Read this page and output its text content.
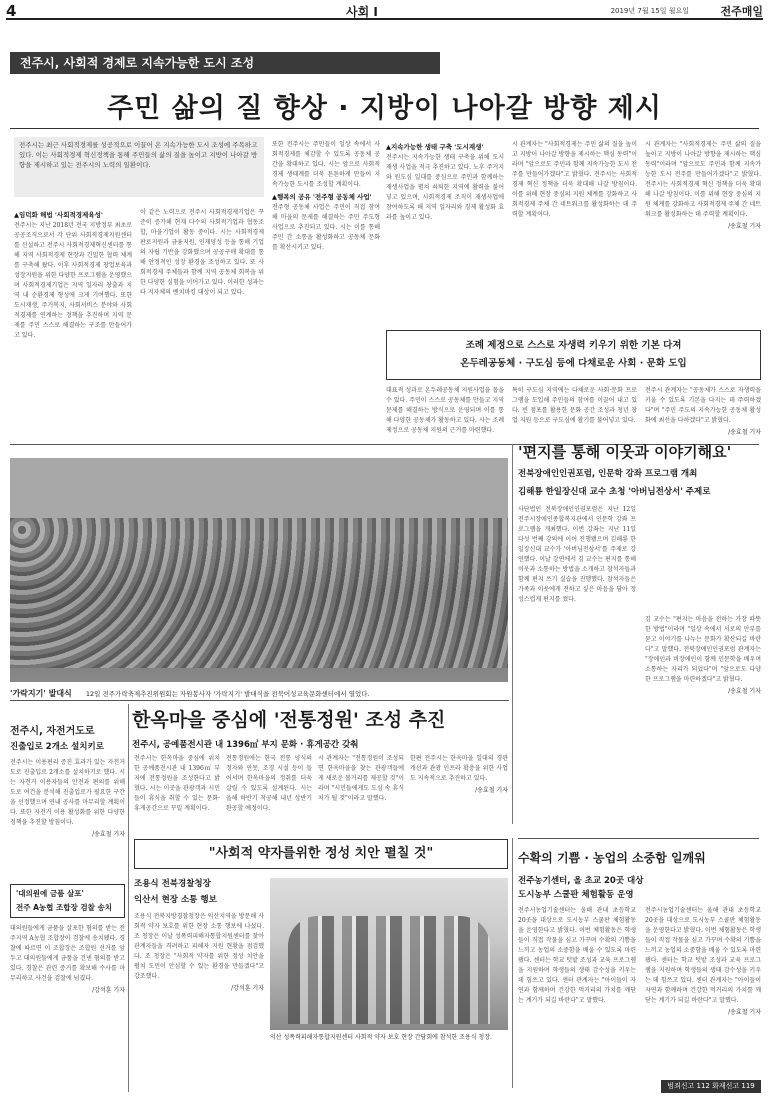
4	사회 Ⅰ	2019년 7월 15일 월요일	전주매일
전주시, 사회적 경제로 지속가능한 도시 조성
주민 삶의 질 향상 · 지방이 나아갈 방향 제시
전주시는 최근 사회적경제를 성공적으로 이끌어 온 지속가능한 도시 조성에 주목하고 있다. 이는 사회적경제 혁신정책을 통해 주민들의 삶의 질을 높이고 지방이 나아갈 방향을 제시하고 있는 전주시의 노력의 일환이다.
▲임덕화 해법 '사회적경제육성'
전주시는 지난 2018년 전국 지방정부 최초로 공공조직으로서 각 단위 사회적경제지원센터를 신설하고 전주시 사회적경제혁신센터를 통해 지역 사회적경제 현장과 긴밀한 협력 체계를 구축해 왔다. 이후 사회적경제 창업보육과 성장지원을 위한 다양한 프로그램을 운영했으며 사회적경제기업은 지역 일자리 창출과 지역 내 순환경제 형성에 크게 기여했다. 또한 도시재생, 주거복지, 사회서비스 분야와 사회적경제를 연계하는 정책을 추진하며 지역 문제를 주민 스스로 해결하는 구조를 만들어가고 있다.
이 같은 노력으로 전주시 사회적경제기업은 꾸준히 증가해 현재 다수의 사회적기업과 협동조합, 마을기업이 활동 중이다. 시는 사회적경제 판로지원과 금융지원, 인재양성 등을 통해 기업의 자립 기반을 강화했으며 공공구매 확대를 통해 안정적인 성장 환경을 조성하고 있다. 또 사회적경제 주체들과 함께 지역 공동체 회복을 위한 다양한 실험을 이어가고 있다. 이러한 성과는 타 지자체의 벤치마킹 대상이 되고 있다.
또한 전주시는 주민들이 일상 속에서 사회적경제를 체감할 수 있도록 공동체 공간을 확대하고 있다. 시는 앞으로 사회적경제 생태계를 더욱 튼튼하게 만들어 지속가능한 도시를 조성할 계획이다.
▲행복의 공유 '전주형 공동체 사업'
전주형 공동체 사업은 주민이 직접 참여해 마을의 문제를 해결하는 주민 주도형 사업으로 추진되고 있다. 시는 이를 통해 주민 간 소통을 활성화하고 공동체 문화를 확산시키고 있다.
▲지속가능한 생태 구축 '도시재생'
전주시는 지속가능한 생태 구축을 위해 도시재생 사업을 적극 추진하고 있다. 노후 주거지와 원도심 일대를 중심으로 주민과 함께하는 재생사업을 펼쳐 쇠퇴한 지역에 활력을 불어넣고 있으며, 사회적경제 조직이 재생사업에 참여하도록 해 지역 일자리와 경제 활성화 효과를 높이고 있다.
시 관계자는 "사회적경제는 주민 삶의 질을 높이고 지방이 나아갈 방향을 제시하는 핵심 동력"이라며 "앞으로도 주민과 함께 지속가능한 도시 전주를 만들어가겠다"고 밝혔다. 전주시는 사회적경제 혁신 정책을 더욱 확대해 나갈 방침이다. 이를 위해 현장 중심의 지원 체계를 강화하고 사회적경제 주체 간 네트워크를 활성화하는 데 주력할 계획이다.
시 관계자는 "사회적경제는 주민 삶의 질을 높이고 지방이 나아갈 방향을 제시하는 핵심 동력"이라며 "앞으로도 주민과 함께 지속가능한 도시 전주를 만들어가겠다"고 밝혔다. 전주시는 사회적경제 혁신 정책을 더욱 확대해 나갈 방침이다. 이를 위해 현장 중심의 지원 체계를 강화하고 사회적경제 주체 간 네트워크를 활성화하는 데 주력할 계획이다.
/송효철 기자
조례 제정으로 스스로 자생력 키우기 위한 기본 다져
온두레공동체 · 구도심 등에 다채로운 사회 · 문화 도입
대표적 성과로 온두레공동체 지원사업을 꼽을 수 있다. 주민이 스스로 공동체를 만들고 지역 문제를 해결하는 방식으로 운영되며 이를 통해 다양한 공동체가 활동하고 있다. 시는 조례 제정으로 공동체 지원의 근거를 마련했다.
특히 구도심 지역에는 다채로운 사회·문화 프로그램을 도입해 주민들의 참여를 이끌어 내고 있다. 빈 점포를 활용한 문화 공간 조성과 청년 창업 지원 등으로 구도심에 활기를 불어넣고 있다.
전주시 관계자는 "공동체가 스스로 자생력을 키울 수 있도록 기본을 다지는 데 주력하겠다"며 "주민 주도의 지속가능한 공동체 활성화에 최선을 다하겠다"고 밝혔다.
/송효철 기자
'가락지기' 발대식 12일 전주가락축제추진위원회는 자원봉사자 '가락지기' 발대식을 전북어성교육문화센터에서 열었다.
'편지를 통해 이웃과 이야기해요'
전북장애인인권포럼, 인문학 강좌 프로그램 개최
김해룡 한일장신대 교수 초청 '아버님전상서' 주제로
사단법인 전북장애인인권포럼은 지난 12일 전주시장애인종합복지관에서 인문학 강좌 프로그램을 개최했다. 이번 강좌는 지난 11일 다섯 번째 강의에 이어 진행됐으며 김해룡 한일장신대 교수가 '아버님전상서'를 주제로 강연했다. 이날 강연에서 김 교수는 편지를 통해 이웃과 소통하는 방법을 소개하고 참석자들과 함께 편지 쓰기 실습을 진행했다. 참석자들은 가족과 이웃에게 전하고 싶은 마음을 담아 정성스럽게 편지를 썼다.
김 교수는 "편지는 마음을 전하는 가장 따뜻한 방법"이라며 "일상 속에서 서로의 안부를 묻고 이야기를 나누는 문화가 확산되길 바란다"고 말했다. 전북장애인인권포럼 관계자는 "장애인과 비장애인이 함께 인문학을 배우며 소통하는 자리가 되었다"며 "앞으로도 다양한 프로그램을 마련하겠다"고 밝혔다.
/송효철 기자
전주시, 자전거도로
진출입로 2개소 설치키로
전주시는 이용편리 증진 효과가 있는 자전거도로 진출입로 2개소를 설치하기로 했다. 시는 자전거 이용자들의 안전과 편의를 위해 도로 여건을 분석해 진출입로가 필요한 구간을 선정했으며 연내 공사를 마무리할 계획이다. 또한 자전거 이용 활성화를 위한 다양한 정책을 추진할 방침이다.
/송효철 기자
한옥마을 중심에 '전통정원' 조성 추진
전주시, 공예품전시관 내 1396㎡ 부지 문화 · 휴게공간 갖춰
전주시는 한옥마을 중심에 위치한 공예품전시관 내 1396㎡ 부지에 전통정원을 조성한다고 밝혔다. 시는 이곳을 관광객과 시민들이 휴식을 취할 수 있는 문화·휴게공간으로 꾸밀 계획이다.
전통정원에는 한국 전통 양식의 정자와 연못, 조경 시설 등이 들어서며 한옥마을의 정취를 더욱 살릴 수 있도록 설계된다. 시는 올해 하반기 착공해 내년 상반기 완공할 예정이다.
시 관계자는 "전통정원이 조성되면 한옥마을을 찾는 관광객들에게 새로운 볼거리를 제공할 것"이라며 "시민들에게도 도심 속 휴식처가 될 것"이라고 말했다.
한편 전주시는 한옥마을 일대의 경관 개선과 관광 인프라 확충을 위한 사업도 지속적으로 추진하고 있다.
/송효철 기자
'대의원에 금품 살포'
전주 A농협 조합장 검찰 송치
대의원들에게 금품을 살포한 혐의를 받는 전주지역 A농협 조합장이 검찰에 송치됐다. 경찰에 따르면 이 조합장은 조합원 선거를 앞두고 대의원들에게 금품을 건넨 혐의를 받고 있다. 경찰은 관련 증거를 확보해 수사를 마무리하고 사건을 검찰에 넘겼다.
/강석훈 기자
"사회적 약자를위한 정성 치안 펼칠 것"
조용식 전북경찰청장
익산서 현장 소통 행보
조용식 전북지방경찰청장은 익산지역을 방문해 사회적 약자 보호를 위한 현장 소통 행보에 나섰다. 조 청장은 이날 성폭력피해자통합지원센터를 찾아 관계자들을 격려하고 피해자 지원 현황을 점검했다. 조 청장은 "사회적 약자를 위한 정성 치안을 펼쳐 도민이 안심할 수 있는 환경을 만들겠다"고 강조했다.
/강석훈 기자
익산 성폭력피해자통합지원센터 사회적 약자 보호 현장 간담회에 참석한 조용식 청장.
수확의 기쁨 · 농업의 소중함 일깨워
전주농기센터, 올 초교 20곳 대상
도시농부 스쿨판 체험활동 운영
전주시농업기술센터는 올해 관내 초등학교 20곳을 대상으로 도시농부 스쿨판 체험활동을 운영한다고 밝혔다. 이번 체험활동은 학생들이 직접 작물을 심고 가꾸며 수확의 기쁨을 느끼고 농업의 소중함을 배울 수 있도록 마련됐다. 센터는 학교 텃밭 조성과 교육 프로그램을 지원하며 학생들의 생태 감수성을 키우는 데 힘쓰고 있다. 센터 관계자는 "아이들이 자연과 함께하며 건강한 먹거리의 가치를 깨닫는 계기가 되길 바란다"고 말했다.
전주시농업기술센터는 올해 관내 초등학교 20곳을 대상으로 도시농부 스쿨판 체험활동을 운영한다고 밝혔다. 이번 체험활동은 학생들이 직접 작물을 심고 가꾸며 수확의 기쁨을 느끼고 농업의 소중함을 배울 수 있도록 마련됐다. 센터는 학교 텃밭 조성과 교육 프로그램을 지원하며 학생들의 생태 감수성을 키우는 데 힘쓰고 있다. 센터 관계자는 "아이들이 자연과 함께하며 건강한 먹거리의 가치를 깨닫는 계기가 되길 바란다"고 말했다.
/송효철 기자
범죄신고 112 화재신고 119
